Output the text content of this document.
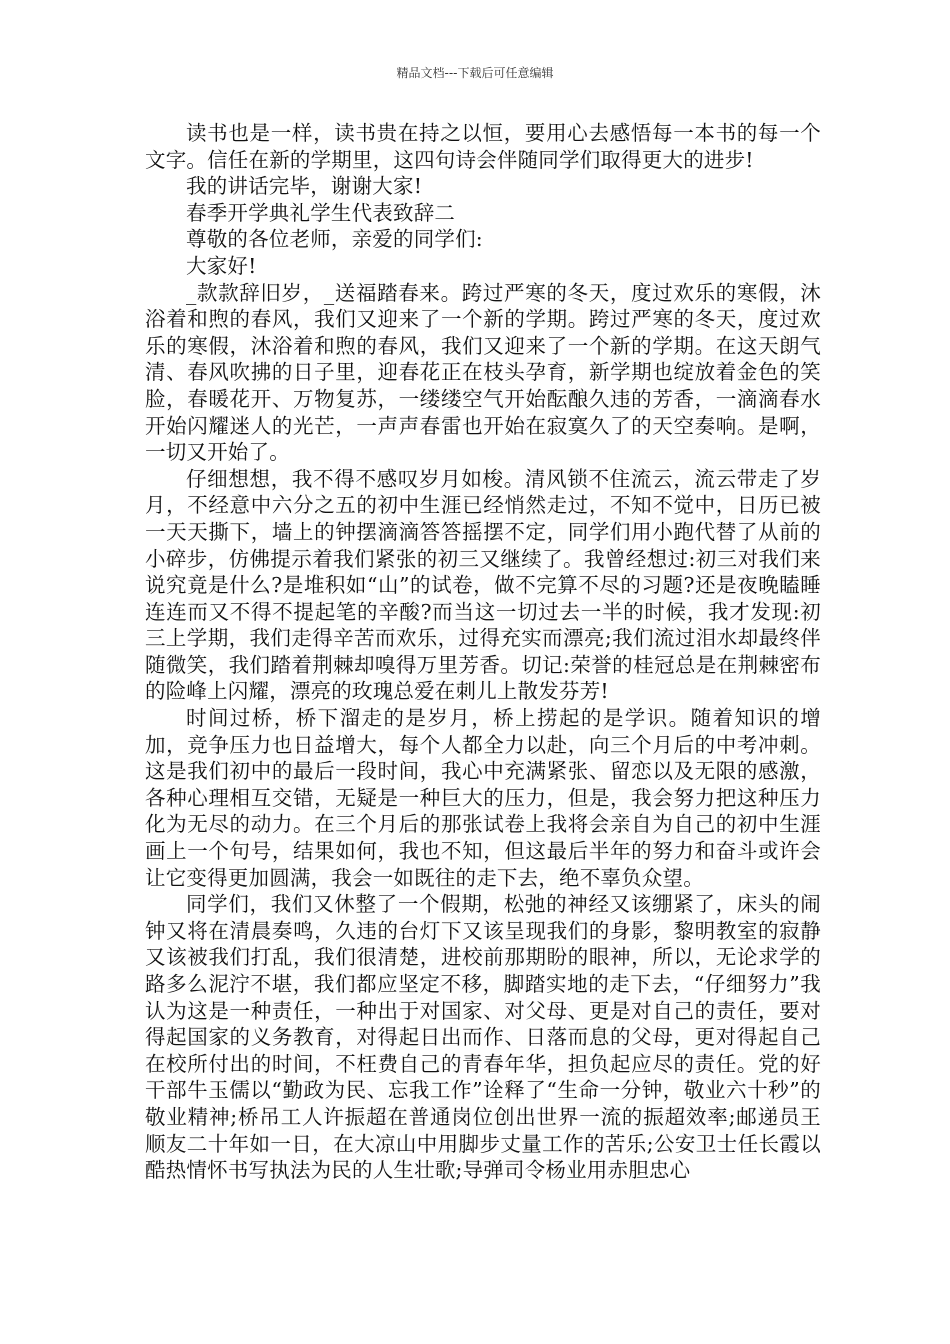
精品文档---下载后可任意编辑

读书也是一样，读书贵在持之以恒，要用心去感悟每一本书的每一个文字。信任在新的学期里，这四句诗会伴随同学们取得更大的进步!

我的讲话完毕，谢谢大家!

春季开学典礼学生代表致辞二

尊敬的各位老师，亲爱的同学们:

大家好!

_款款辞旧岁，_送福踏春来。跨过严寒的冬天，度过欢乐的寒假，沐浴着和煦的春风，我们又迎来了一个新的学期。跨过严寒的冬天，度过欢乐的寒假，沐浴着和煦的春风，我们又迎来了一个新的学期。在这天朗气清、春风吹拂的日子里，迎春花正在枝头孕育，新学期也绽放着金色的笑脸，春暖花开、万物复苏，一缕缕空气开始酝酿久违的芳香，一滴滴春水开始闪耀迷人的光芒，一声声春雷也开始在寂寞久了的天空奏响。是啊，一切又开始了。

仔细想想，我不得不感叹岁月如梭。清风锁不住流云，流云带走了岁月，不经意中六分之五的初中生涯已经悄然走过，不知不觉中，日历已被一天天撕下，墙上的钟摆滴滴答答摇摆不定，同学们用小跑代替了从前的小碎步，仿佛提示着我们紧张的初三又继续了。我曾经想过:初三对我们来说究竟是什么?是堆积如“山”的试卷，做不完算不尽的习题?还是夜晚瞌睡连连而又不得不提起笔的辛酸?而当这一切过去一半的时候，我才发现:初三上学期，我们走得辛苦而欢乐，过得充实而漂亮;我们流过泪水却最终伴随微笑，我们踏着荆棘却嗅得万里芳香。切记:荣誉的桂冠总是在荆棘密布的险峰上闪耀，漂亮的玫瑰总爱在刺儿上散发芬芳!

时间过桥，桥下溜走的是岁月，桥上捞起的是学识。随着知识的增加，竞争压力也日益增大，每个人都全力以赴，向三个月后的中考冲刺。这是我们初中的最后一段时间，我心中充满紧张、留恋以及无限的感激，各种心理相互交错，无疑是一种巨大的压力，但是，我会努力把这种压力化为无尽的动力。在三个月后的那张试卷上我将会亲自为自己的初中生涯画上一个句号，结果如何，我也不知，但这最后半年的努力和奋斗或许会让它变得更加圆满，我会一如既往的走下去，绝不辜负众望。

同学们，我们又休整了一个假期，松弛的神经又该绷紧了，床头的闹钟又将在清晨奏鸣，久违的台灯下又该呈现我们的身影，黎明教室的寂静又该被我们打乱，我们很清楚，进校前那期盼的眼神，所以，无论求学的路多么泥泞不堪，我们都应坚定不移，脚踏实地的走下去，“仔细努力”我认为这是一种责任，一种出于对国家、对父母、更是对自己的责任，要对得起国家的义务教育，对得起日出而作、日落而息的父母，更对得起自己在校所付出的时间，不枉费自己的青春年华，担负起应尽的责任。党的好干部牛玉儒以“勤政为民、忘我工作”诠释了“生命一分钟，敬业六十秒”的敬业精神;桥吊工人许振超在普通岗位创出世界一流的振超效率;邮递员王顺友二十年如一日，在大凉山中用脚步丈量工作的苦乐;公安卫士任长霞以酷热情怀书写执法为民的人生壮歌;导弹司令杨业用赤胆忠心
